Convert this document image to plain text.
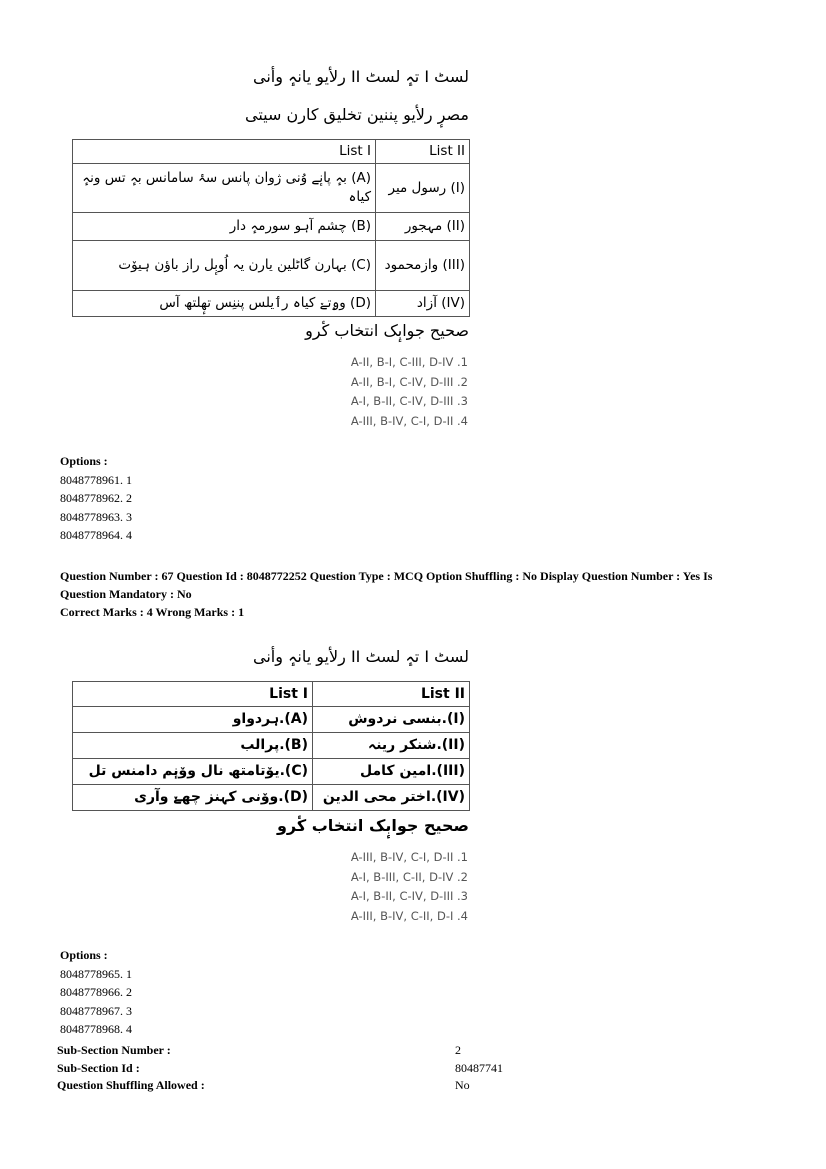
لسٹ I تہٕ لسٹ II رلأیو یانہٕ وأنی
مصرٕ رلأیو پننین تخلیق کارن سیتی
List I	List II
(A) بہٕ پانٕے وُنی ژوان پانس سۂ سامانس بہٕ تس ونہٕ کیاہ	(I) رسول میر
(B) چشم آہو سورمہٕ دار	(II) مہجور
(C) بہارن گاٹلین یارن یہ اُوبٕل راز باؤن ہیوٚت	(III) وازمحمود
(D) وۄتےٚ کیاہ رٲیلس پننِس تھٕلتھ آس	(IV) آزاد
صحیح جوابٕک انتخاب کٔرو
A-II, B-I, C-III, D-IV .1
A-II, B-I, C-IV, D-III .2
A-I, B-II, C-IV, D-III .3
A-III, B-IV, C-I, D-II .4
Options :
8048778961. 1
8048778962. 2
8048778963. 3
8048778964. 4
Question Number : 67 Question Id : 8048772252 Question Type : MCQ Option Shuffling : No Display Question Number : Yes Is
Question Mandatory : No
Correct Marks : 4 Wrong Marks : 1
لسٹ I تہٕ لسٹ II رلأیو یانہٕ وأنی
List I	List II
(A).ہردواو	(I).بنسی نردوش
(B).پرالب	(II).شنکر رینہ
(C).یوٚتامتھ نال ووٚنٕم دامنس تل	(III).امین کامل
(D).ووٚنی کہنز چھےٚ وآری	(IV).اختر محی الدین
صحیح جوابٕک انتخاب کٔرو
A-III, B-IV, C-I, D-II .1
A-I, B-III, C-II, D-IV .2
A-I, B-II, C-IV, D-III .3
A-III, B-IV, C-II, D-I .4
Options :
8048778965. 1
8048778966. 2
8048778967. 3
8048778968. 4
Sub-Section Number :	2
Sub-Section Id :	80487741
Question Shuffling Allowed :	No
